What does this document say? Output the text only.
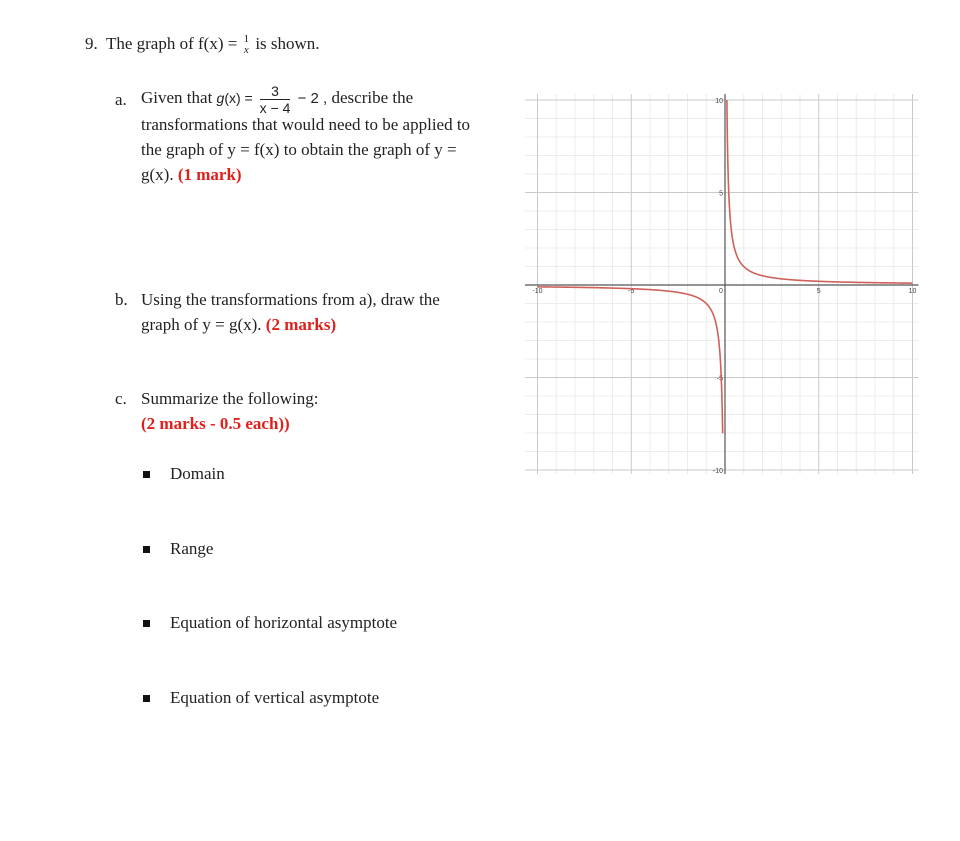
9. The graph of f(x) = 1
x is shown.
a. Given that $g(x) = \frac{3}{x - 4} - 2$ , describe the
transformations that would need to be applied to
the graph of y = f(x) to obtain the graph of y =
g(x). (1 mark)
b. Using the transformations from a), draw the
graph of y = g(x). (2 marks)
c. Summarize the following:
(2 marks - 0.5 each))
Domain
Range
Equation of horizontal asymptote
Equation of vertical asymptote
-10	-5	0	5	10
10
5
-5
-10
